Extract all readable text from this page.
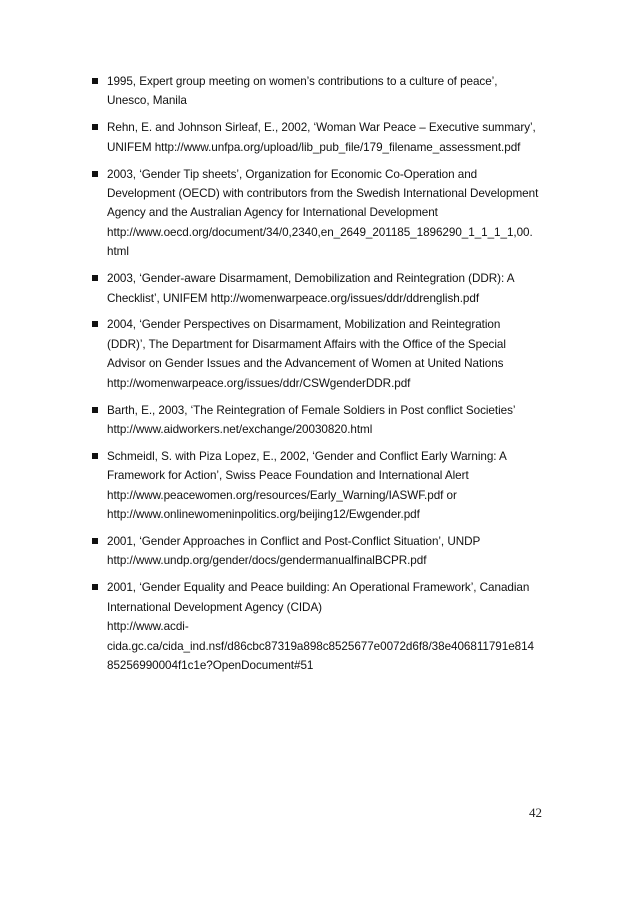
1995, Expert group meeting on women’s contributions to a culture of peace’,
Unesco, Manila
Rehn, E. and Johnson Sirleaf, E., 2002, ‘Woman War Peace – Executive summary’,
UNIFEM http://www.unfpa.org/upload/lib_pub_file/179_filename_assessment.pdf
2003, ‘Gender Tip sheets’, Organization for Economic Co-Operation and
Development (OECD) with contributors from the Swedish International Development
Agency and the Australian Agency for International Development
http://www.oecd.org/document/34/0,2340,en_2649_201185_1896290_1_1_1_1,00.
html
2003, ‘Gender-aware Disarmament, Demobilization and Reintegration (DDR): A
Checklist’, UNIFEM http://womenwarpeace.org/issues/ddr/ddrenglish.pdf
2004, ‘Gender Perspectives on Disarmament, Mobilization and Reintegration
(DDR)’, The Department for Disarmament Affairs with the Office of the Special
Advisor on Gender Issues and the Advancement of Women at United Nations
http://womenwarpeace.org/issues/ddr/CSWgenderDDR.pdf
Barth, E., 2003, ‘The Reintegration of Female Soldiers in Post conflict Societies’
http://www.aidworkers.net/exchange/20030820.html
Schmeidl, S. with Piza Lopez, E., 2002, ‘Gender and Conflict Early Warning: A
Framework for Action’, Swiss Peace Foundation and International Alert
http://www.peacewomen.org/resources/Early_Warning/IASWF.pdf or
http://www.onlinewomeninpolitics.org/beijing12/Ewgender.pdf
2001, ‘Gender Approaches in Conflict and Post-Conflict Situation’, UNDP
http://www.undp.org/gender/docs/gendermanualfinalBCPR.pdf
2001, ‘Gender Equality and Peace building: An Operational Framework’, Canadian
International Development Agency (CIDA)
http://www.acdi-
cida.gc.ca/cida_ind.nsf/d86cbc87319a898c8525677e0072d6f8/38e406811791e814
85256990004f1c1e?OpenDocument#51
42
